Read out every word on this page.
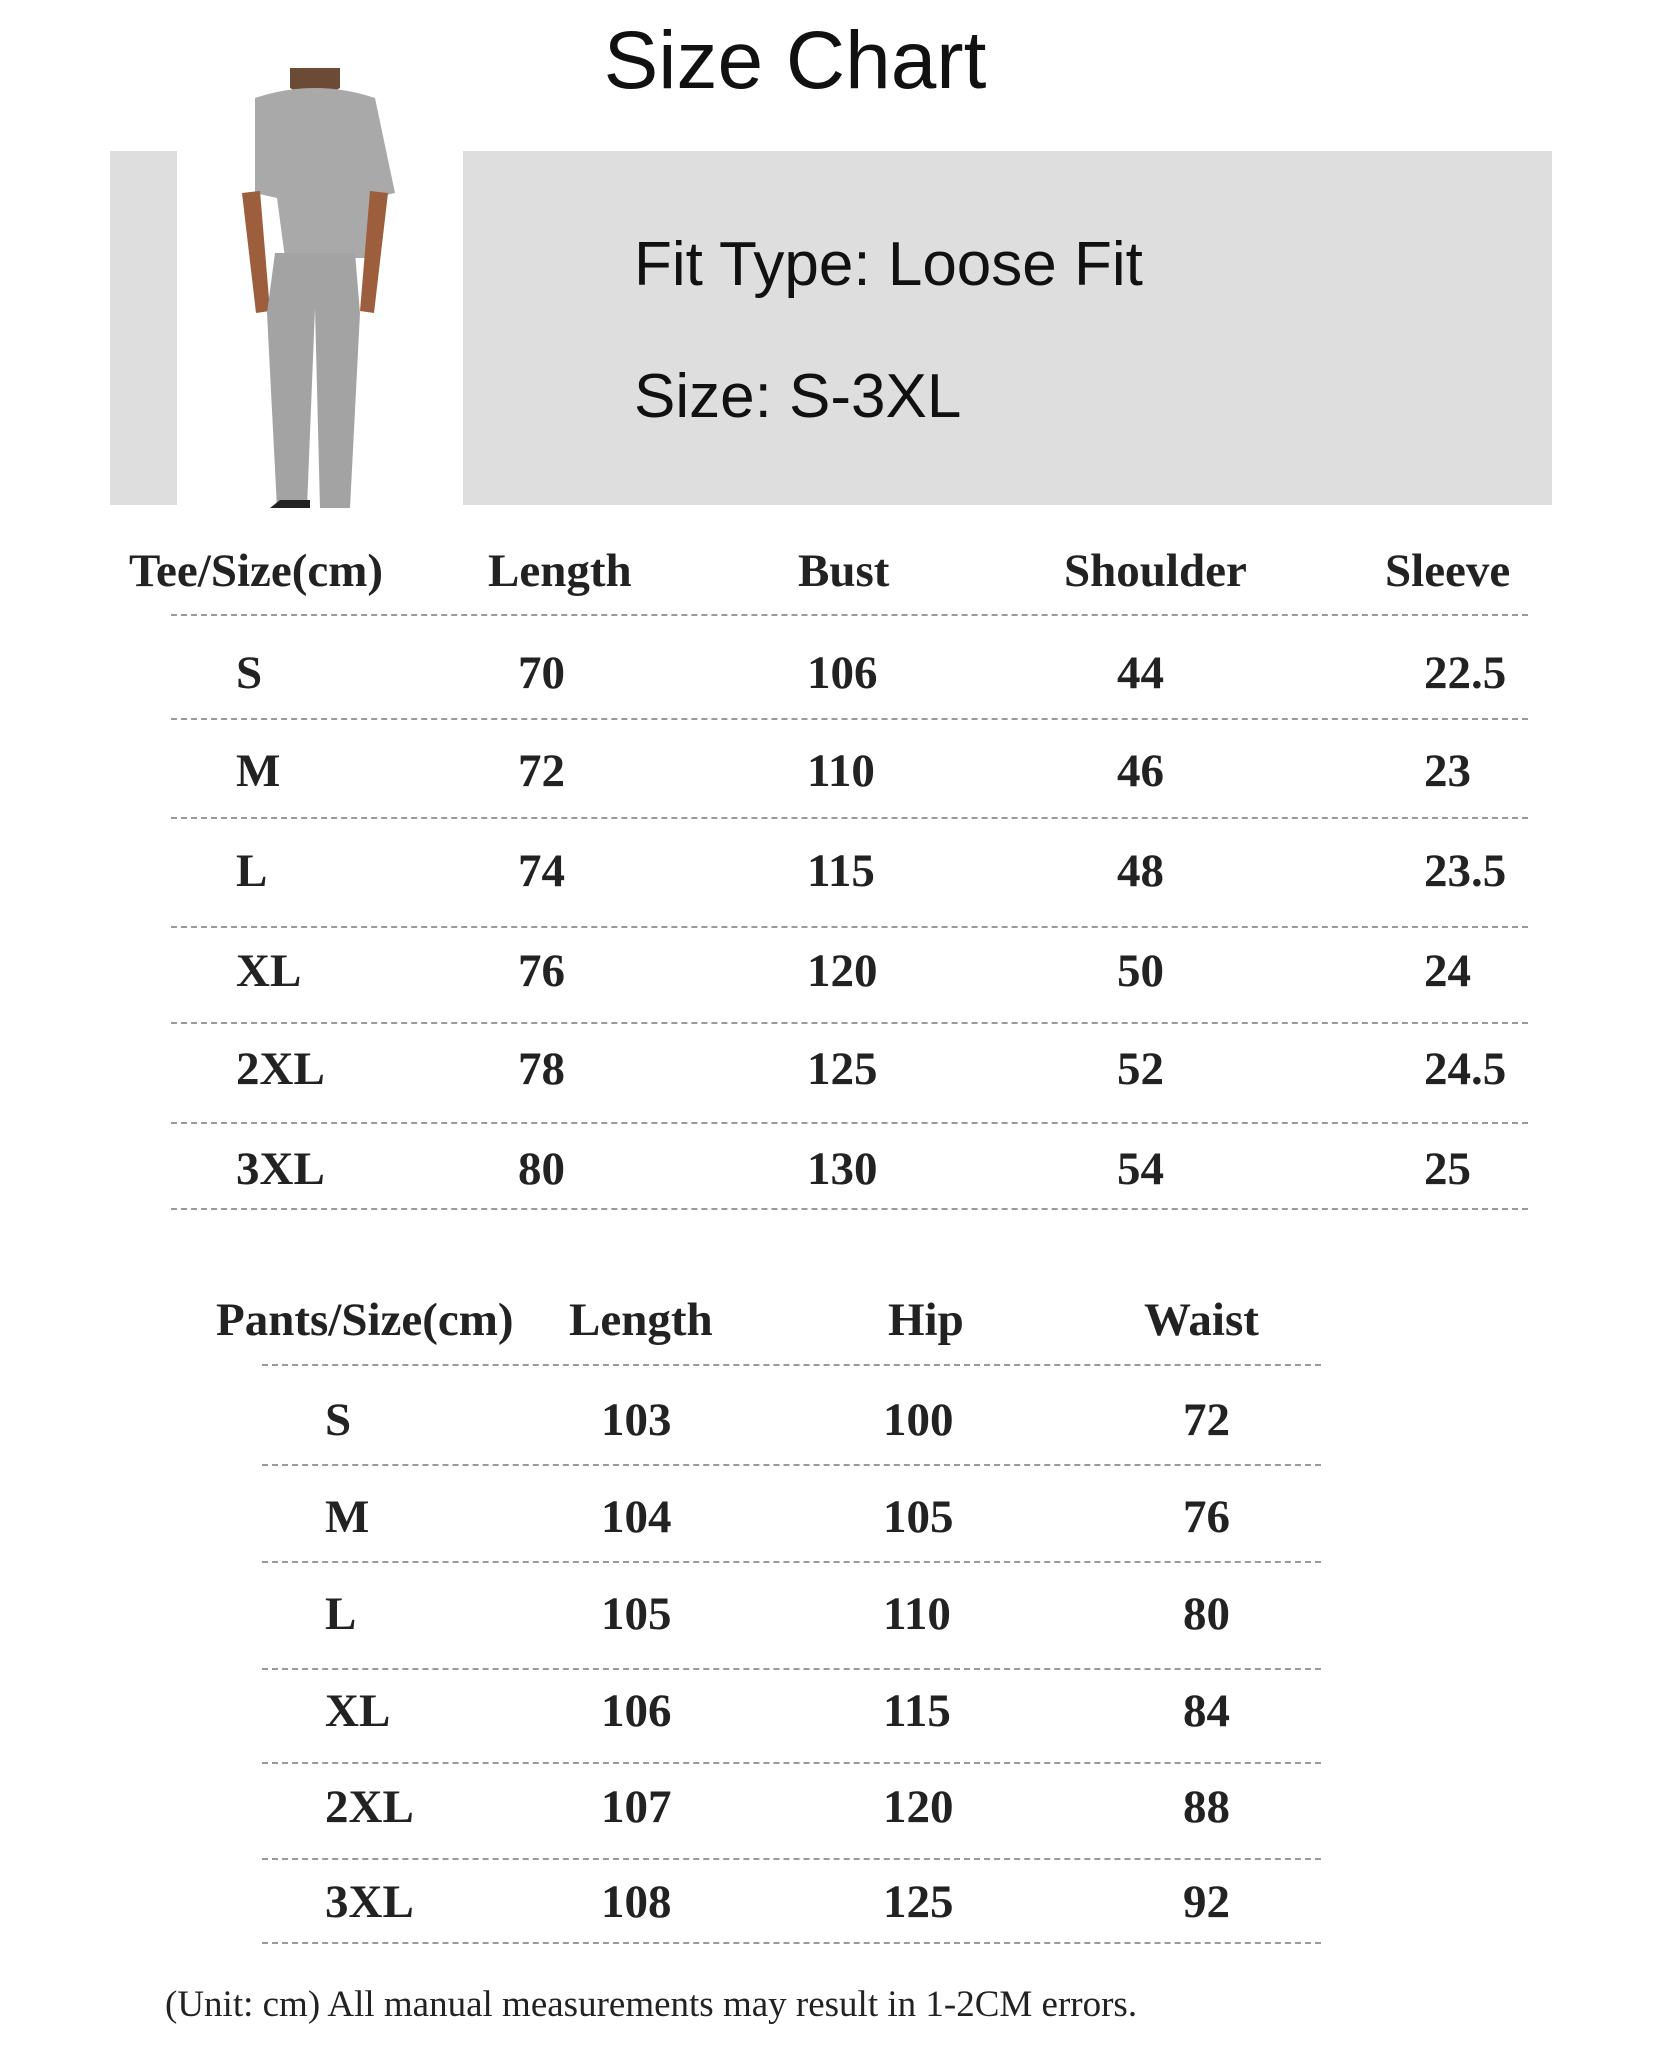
Size Chart
Fit Type: Loose Fit
Size: S-3XL
Tee/Size(cm) Length	Bust	Shoulder	Sleeve
S	70	106	44	22.5
M	72	110	46	23
L	74	115	48	23.5
XL	76	120	50	24
2XL	78	125	52	24.5
3XL	80	130	54	25
Pants/Size(cm) Length	Hip	Waist
S	103	100	72
M	104	105	76
L	105	110	80
XL	106	115	84
2XL	107	120	88
3XL	108	125	92
(Unit: cm) All manual measurements may result in 1-2CM errors.
